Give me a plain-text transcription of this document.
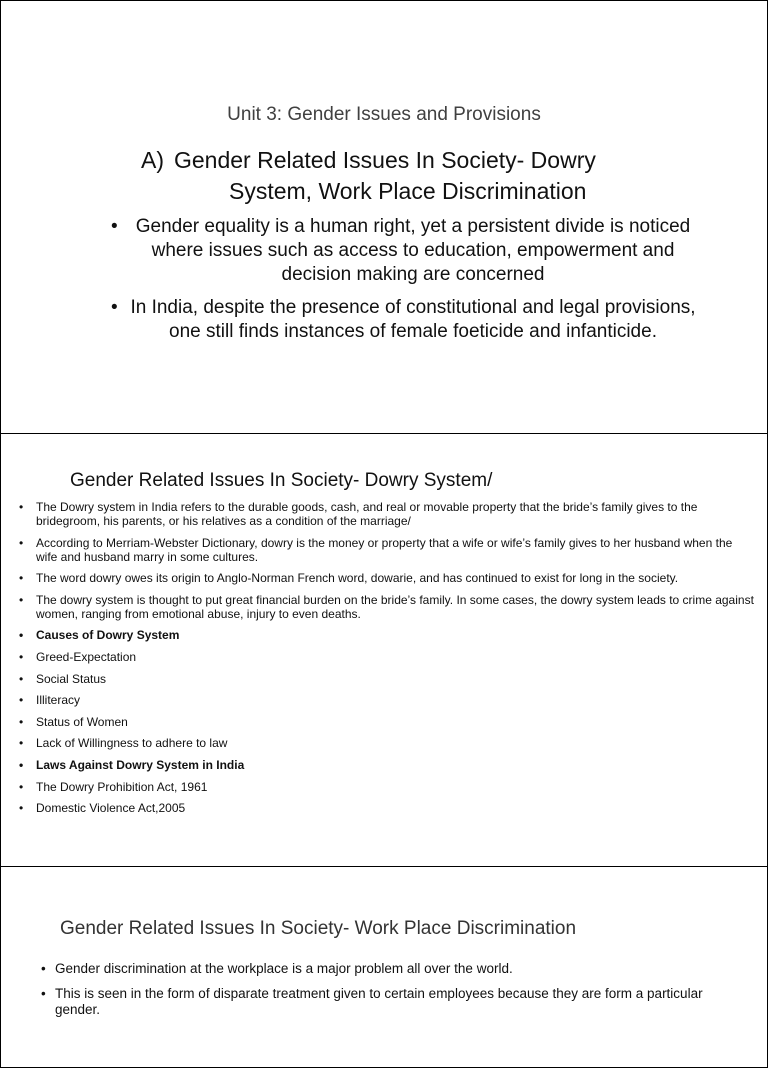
Unit 3: Gender Issues and Provisions
A) Gender Related Issues In Society- Dowry
System, Work Place Discrimination
• Gender equality is a human right, yet a persistent divide is noticed where issues such as access to education, empowerment and decision making are concerned
• In India, despite the presence of constitutional and legal provisions, one still finds instances of female foeticide and infanticide.
Gender Related Issues In Society- Dowry System/
• The Dowry system in India refers to the durable goods, cash, and real or movable property that the bride’s family gives to the bridegroom, his parents, or his relatives as a condition of the marriage/
• According to Merriam-Webster Dictionary, dowry is the money or property that a wife or wife’s family gives to her husband when the wife and husband marry in some cultures.
• The word dowry owes its origin to Anglo-Norman French word, dowarie, and has continued to exist for long in the society.
• The dowry system is thought to put great financial burden on the bride’s family. In some cases, the dowry system leads to crime against women, ranging from emotional abuse, injury to even deaths.
• Causes of Dowry System
• Greed-Expectation
• Social Status
• Illiteracy
• Status of Women
• Lack of Willingness to adhere to law
• Laws Against Dowry System in India
• The Dowry Prohibition Act, 1961
• Domestic Violence Act,2005
Gender Related Issues In Society- Work Place Discrimination
• Gender discrimination at the workplace is a major problem all over the world.
• This is seen in the form of disparate treatment given to certain employees because they are form a particular gender.
